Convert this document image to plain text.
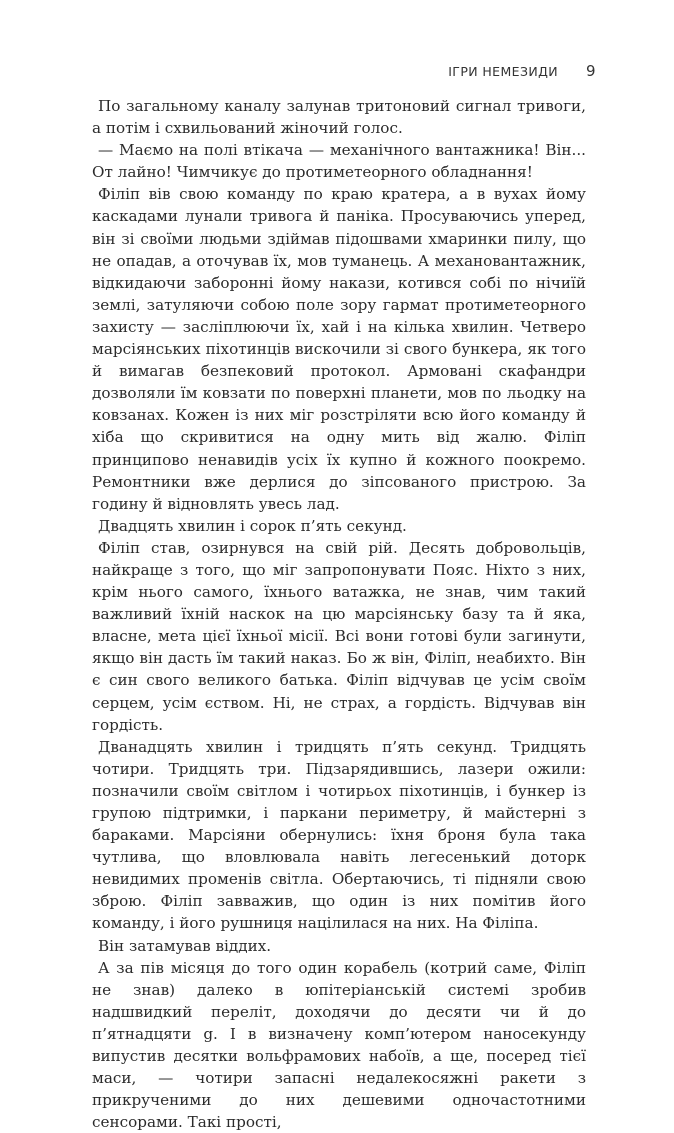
ІГРИ НЕМЕЗИДИ 9

По загальному каналу залунав тритоновий сигнал тривоги, а потім і схвильований жіночий голос.

— Маємо на полі втікача — механічного вантажника! Він... От лайно! Чимчикує до протиметеорного обладнання!

Філіп вів свою команду по краю кратера, а в вухах йому каскадами лунали тривога й паніка. Просуваючись уперед, він зі своїми людьми здіймав підошвами хмаринки пилу, що не опадав, а оточував їх, мов туманець. А механовантажник, відкидаючи заборонні йому накази, котився собі по нічиїй землі, затуляючи собою поле зору гармат протиметеорного захисту — засліплюючи їх, хай і на кілька хвилин. Четверо марсіянських піхотинців вискочили зі свого бункера, як того й вимагав безпековий протокол. Армовані скафандри дозволяли їм ковзати по поверхні планети, мов по льодку на ковзанах. Кожен із них міг розстріляти всю його команду й хіба що скривитися на одну мить від жалю. Філіп принципово ненавидів усіх їх купно й кожного поокремо. Ремонтники вже дерлися до зіпсованого пристрою. За годину й відновлять увесь лад.

Двадцять хвилин і сорок п’ять секунд.

Філіп став, озирнувся на свій рій. Десять добровольців, найкраще з того, що міг запропонувати Пояс. Ніхто з них, крім нього самого, їхнього ватажка, не знав, чим такий важливий їхній наскок на цю марсіянську базу та й яка, власне, мета цієї їхньої місії. Всі вони готові були загинути, якщо він дасть їм такий наказ. Бо ж він, Філіп, неабихто. Він є син свого великого батька. Філіп відчував це усім своїм серцем, усім єством. Ні, не страх, а гордість. Відчував він гордість.

Дванадцять хвилин і тридцять п’ять секунд. Тридцять чотири. Тридцять три. Підзарядившись, лазери ожили: позначили своїм світлом і чотирьох піхотинців, і бункер із групою підтримки, і паркани периметру, й майстерні з бараками. Марсіяни обернулись: їхня броня була така чутлива, що вловлювала навіть легесенький доторк невидимих променів світла. Обертаючись, ті підняли свою зброю. Філіп завважив, що один із них помітив його команду, і його рушниця націлилася на них. На Філіпа.

Він затамував віддих.

А за пів місяця до того один корабель (котрий саме, Філіп не знав) далеко в юпітеріанській системі зробив надшвидкий переліт, доходячи до десяти чи й до п’ятнадцяти g. І в визначену комп’ютером наносекунду випустив десятки вольфрамових набоїв, а ще, посеред тієї маси, — чотири запасні недалекосяжні ракети з прикрученими до них дешевими одночастотними сенсорами. Такі прості,
